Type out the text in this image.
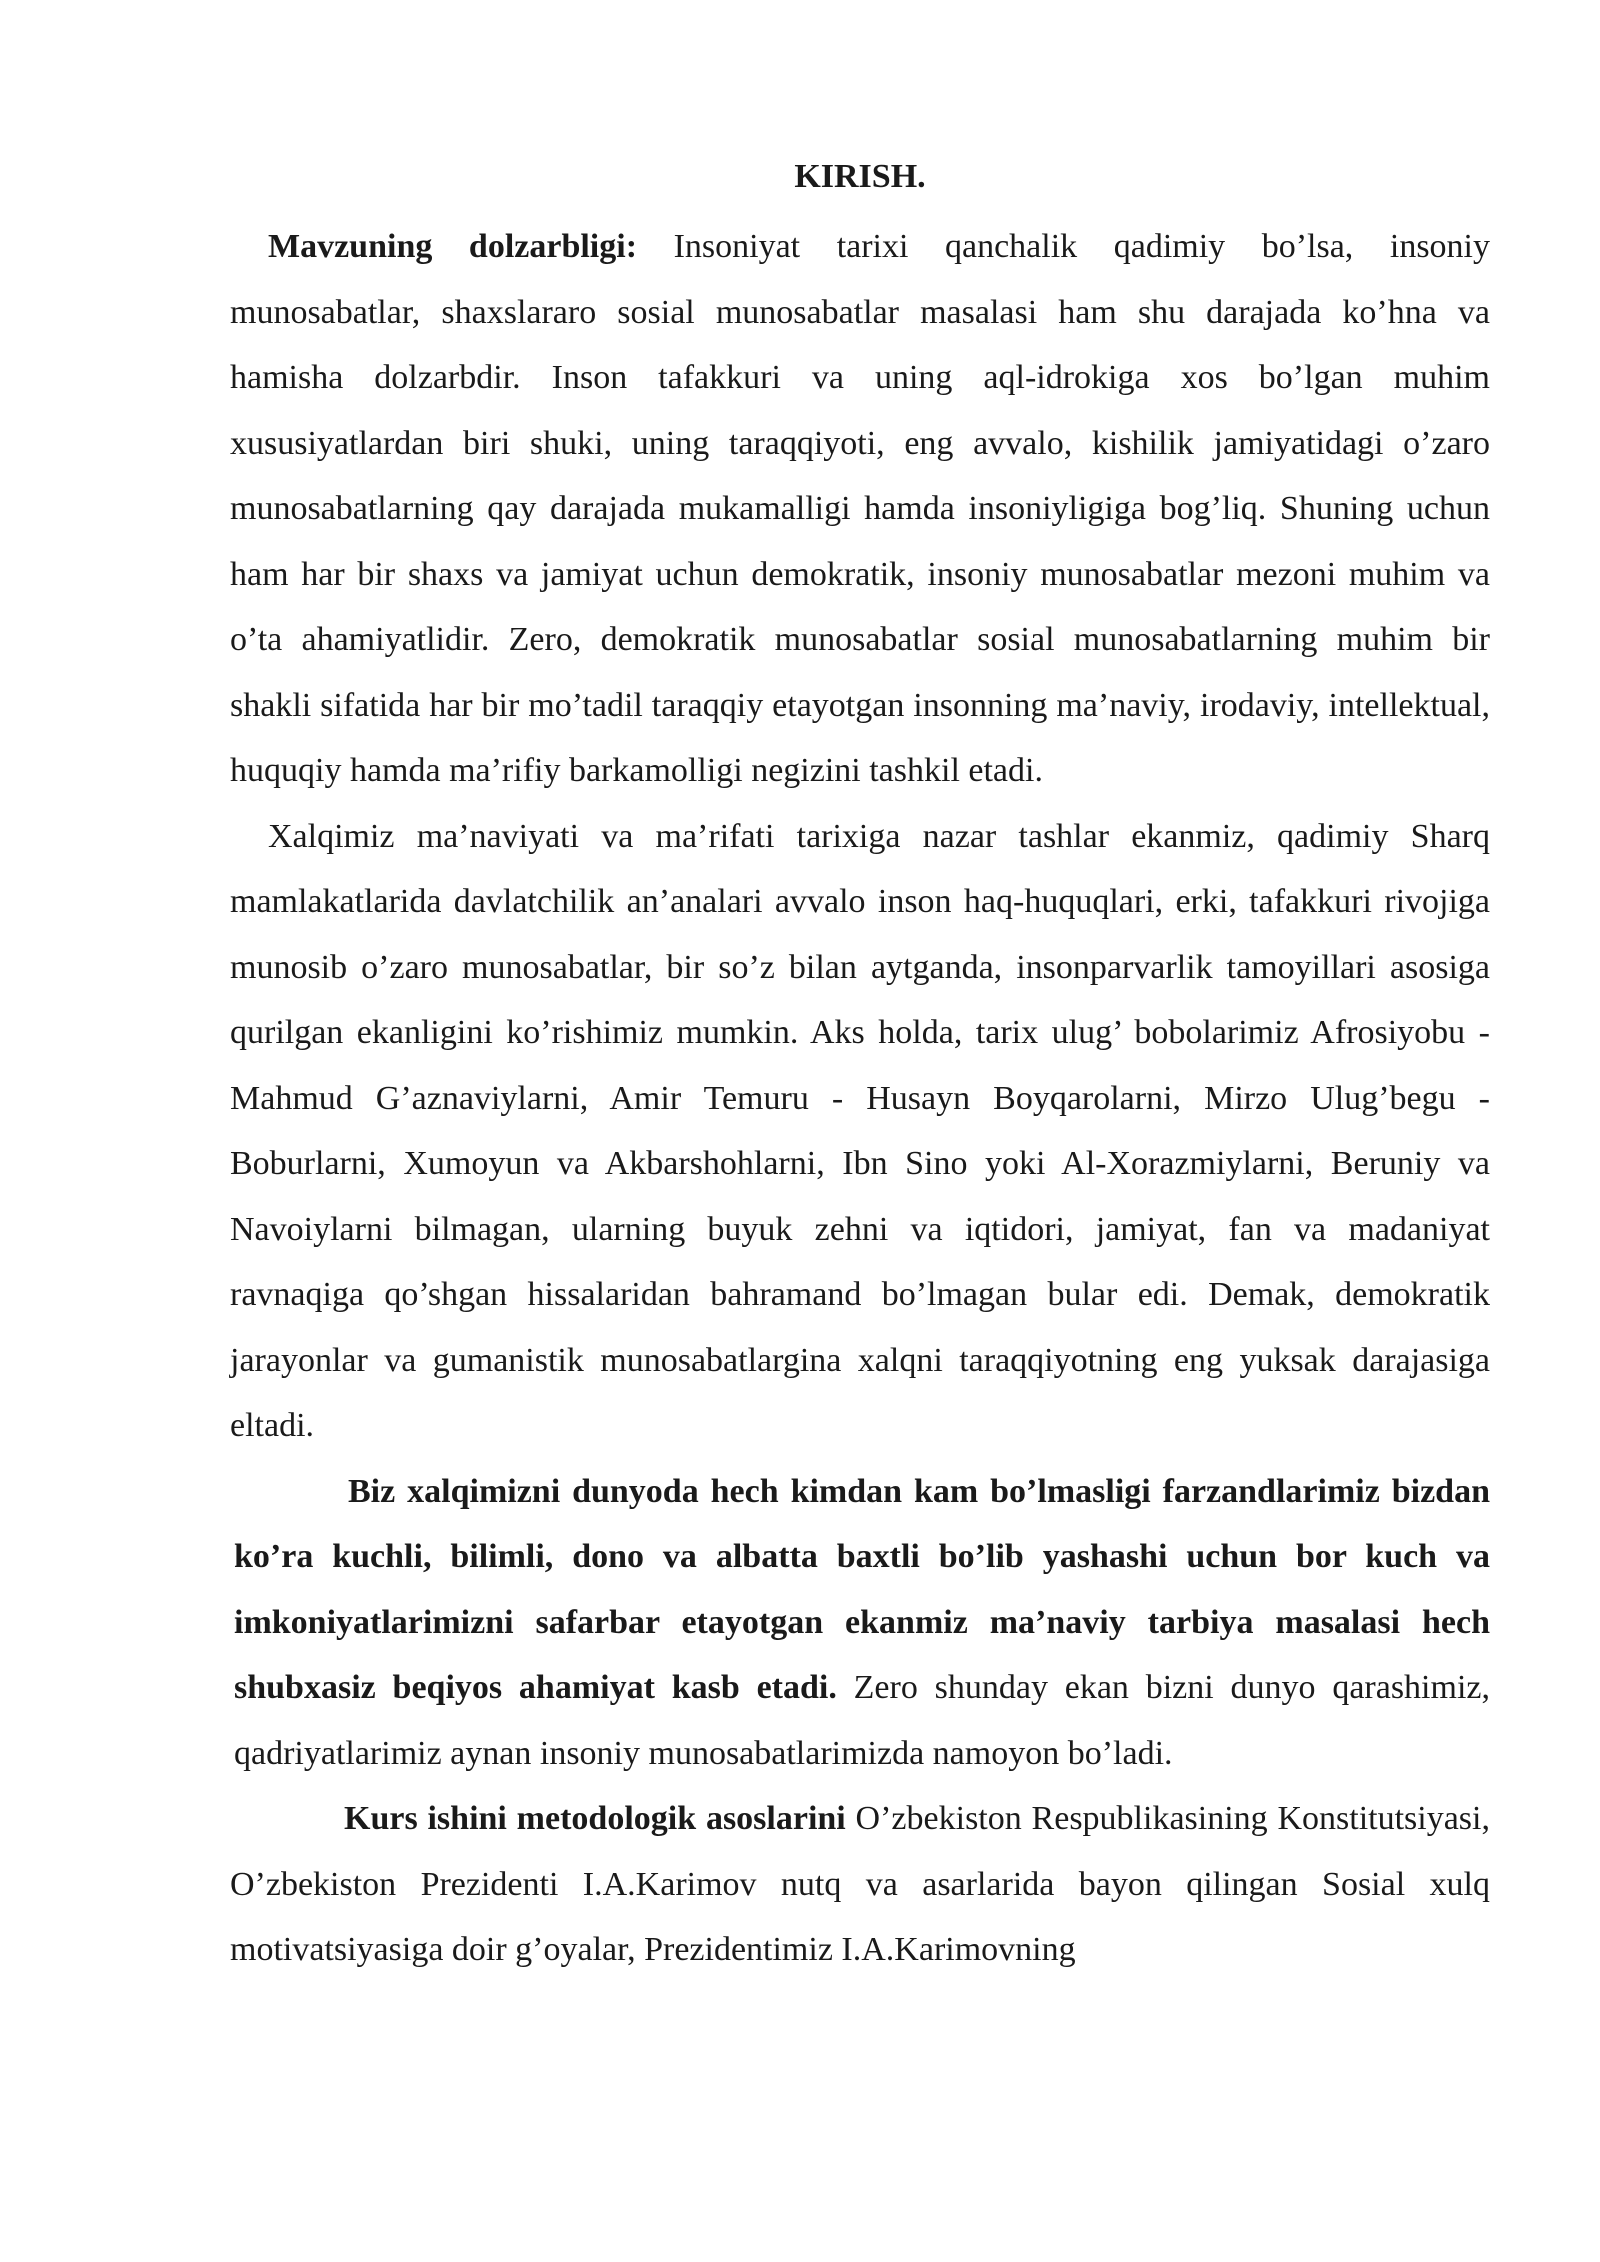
KIRISH.

Mavzuning dolzarbligi: Insoniyat tarixi qanchalik qadimiy bo’lsa, insoniy munosabatlar, shaxslararo sosial munosabatlar masalasi ham shu darajada ko’hna va hamisha dolzarbdir. Inson tafakkuri va uning aql-idrokiga xos bo’lgan muhim xususiyatlardan biri shuki, uning taraqqiyoti, eng avvalo, kishilik jamiyatidagi o’zaro munosabatlarning qay darajada mukamalligi hamda insoniyligiga bog’liq. Shuning uchun ham har bir shaxs va jamiyat uchun demokratik, insoniy munosabatlar mezoni muhim va o’ta ahamiyatlidir. Zero, demokratik munosabatlar sosial munosabatlarning muhim bir shakli sifatida har bir mo’tadil taraqqiy etayotgan insonning ma’naviy, irodaviy, intellektual, huquqiy hamda ma’rifiy barkamolligi negizini tashkil etadi.

Xalqimiz ma’naviyati va ma’rifati tarixiga nazar tashlar ekanmiz, qadimiy Sharq mamlakatlarida davlatchilik an’analari avvalo inson haq-huquqlari, erki, tafakkuri rivojiga munosib o’zaro munosabatlar, bir so’z bilan aytganda, insonparvarlik tamoyillari asosiga qurilgan ekanligini ko’rishimiz mumkin. Aks holda, tarix ulug’ bobolarimiz Afrosiyobu - Mahmud G’aznaviylarni, Amir Temuru - Husayn Boyqarolarni, Mirzo Ulug’begu - Boburlarni, Xumoyun va Akbarshohlarni, Ibn Sino yoki Al-Xorazmiylarni, Beruniy va Navoiylarni bilmagan, ularning buyuk zehni va iqtidori, jamiyat, fan va madaniyat ravnaqiga qo’shgan hissalaridan bahramand bo’lmagan bular edi. Demak, demokratik jarayonlar va gumanistik munosabatlargina xalqni taraqqiyotning eng yuksak darajasiga eltadi.

Biz xalqimizni dunyoda hech kimdan kam bo’lmasligi farzandlarimiz bizdan ko’ra kuchli, bilimli, dono va albatta baxtli bo’lib yashashi uchun bor kuch va imkoniyatlarimizni safarbar etayotgan ekanmiz ma’naviy tarbiya masalasi hech shubxasiz beqiyos ahamiyat kasb etadi. Zero shunday ekan bizni dunyo qarashimiz, qadriyatlarimiz aynan insoniy munosabatlarimizda namoyon bo’ladi.

Kurs ishini metodologik asoslarini O’zbekiston Respublikasining Konstitutsiyasi, O’zbekiston Prezidenti I.A.Karimov nutq va asarlarida bayon qilingan Sosial xulq motivatsiyasiga doir g’oyalar, Prezidentimiz I.A.Karimovning
